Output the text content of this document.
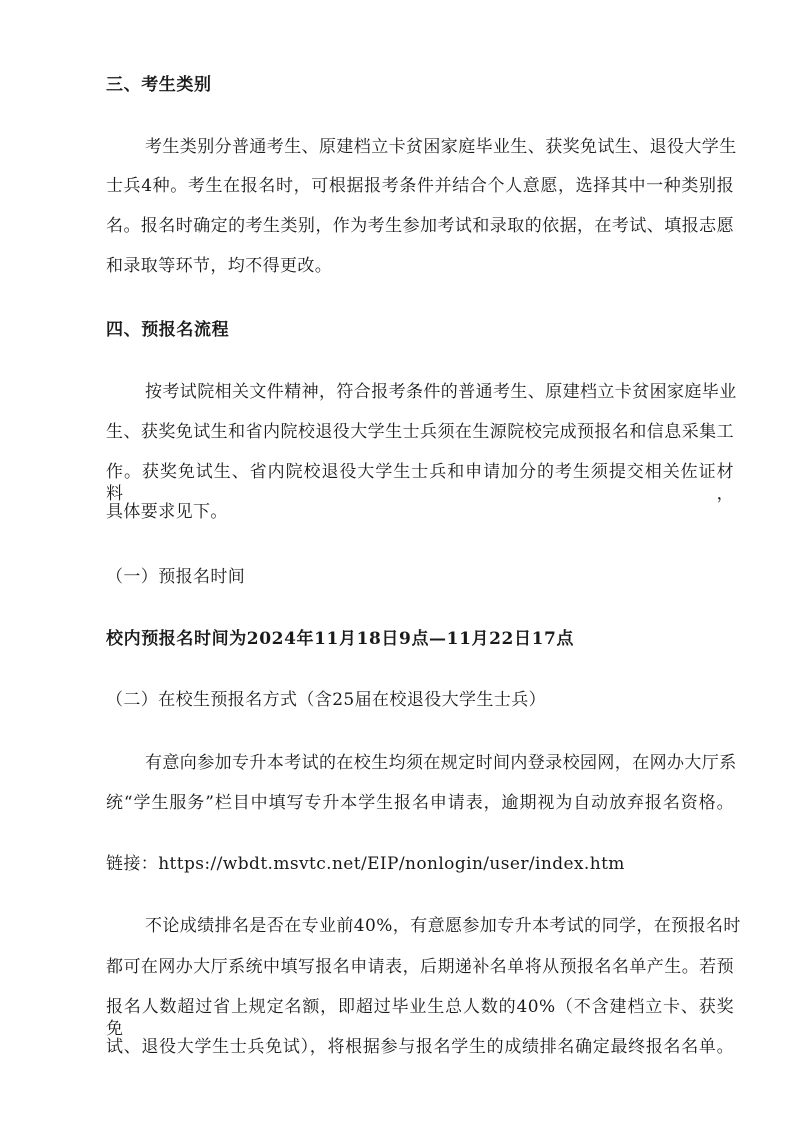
三、考生类别
考生类别分普通考生、原建档立卡贫困家庭毕业生、获奖免试生、退役大学生
士兵4种。考生在报名时，可根据报考条件并结合个人意愿，选择其中一种类别报
名。报名时确定的考生类别，作为考生参加考试和录取的依据，在考试、填报志愿
和录取等环节，均不得更改。
四、预报名流程
按考试院相关文件精神，符合报考条件的普通考生、原建档立卡贫困家庭毕业
生、获奖免试生和省内院校退役大学生士兵须在生源院校完成预报名和信息采集工
作。获奖免试生、省内院校退役大学生士兵和申请加分的考生须提交相关佐证材料，
具体要求见下。
（一）预报名时间
校内预报名时间为2024年11月18日9点—11月22日17点
（二）在校生预报名方式（含25届在校退役大学生士兵）
有意向参加专升本考试的在校生均须在规定时间内登录校园网，在网办大厅系
统“学生服务”栏目中填写专升本学生报名申请表，逾期视为自动放弃报名资格。
链接：https://wbdt.msvtc.net/EIP/nonlogin/user/index.htm
不论成绩排名是否在专业前40%，有意愿参加专升本考试的同学，在预报名时
都可在网办大厅系统中填写报名申请表，后期递补名单将从预报名名单产生。若预
报名人数超过省上规定名额，即超过毕业生总人数的40%（不含建档立卡、获奖免
试、退役大学生士兵免试），将根据参与报名学生的成绩排名确定最终报名名单。
